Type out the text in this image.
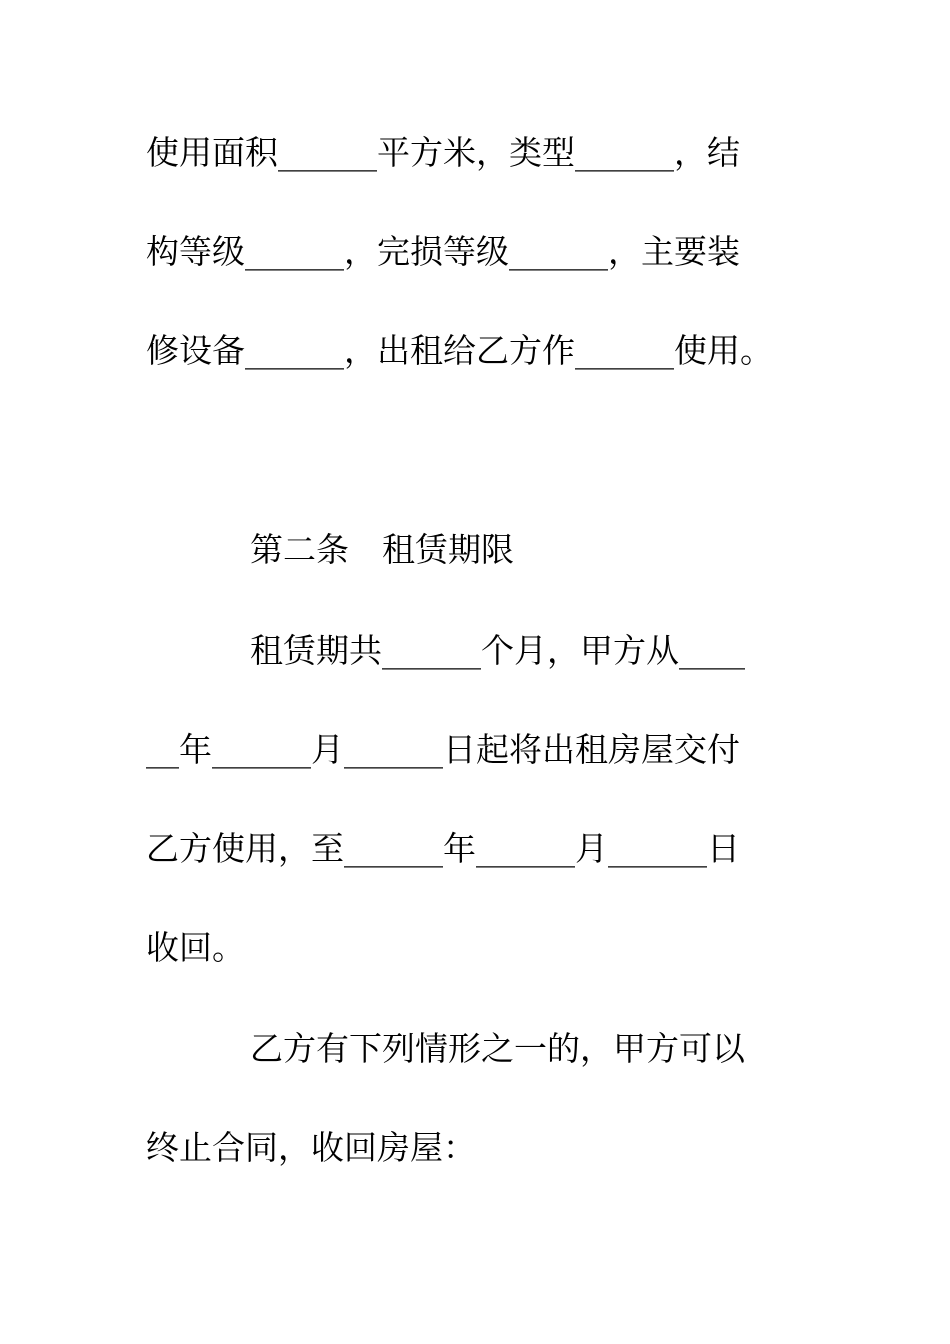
使用面积______平方米，类型______，结
构等级______，完损等级______，主要装
修设备______，出租给乙方作______使用。
第二条　租赁期限
租赁期共______个月，甲方从____
__年______月______日起将出租房屋交付
乙方使用，至______年______月______日
收回。
乙方有下列情形之一的，甲方可以
终止合同，收回房屋：
